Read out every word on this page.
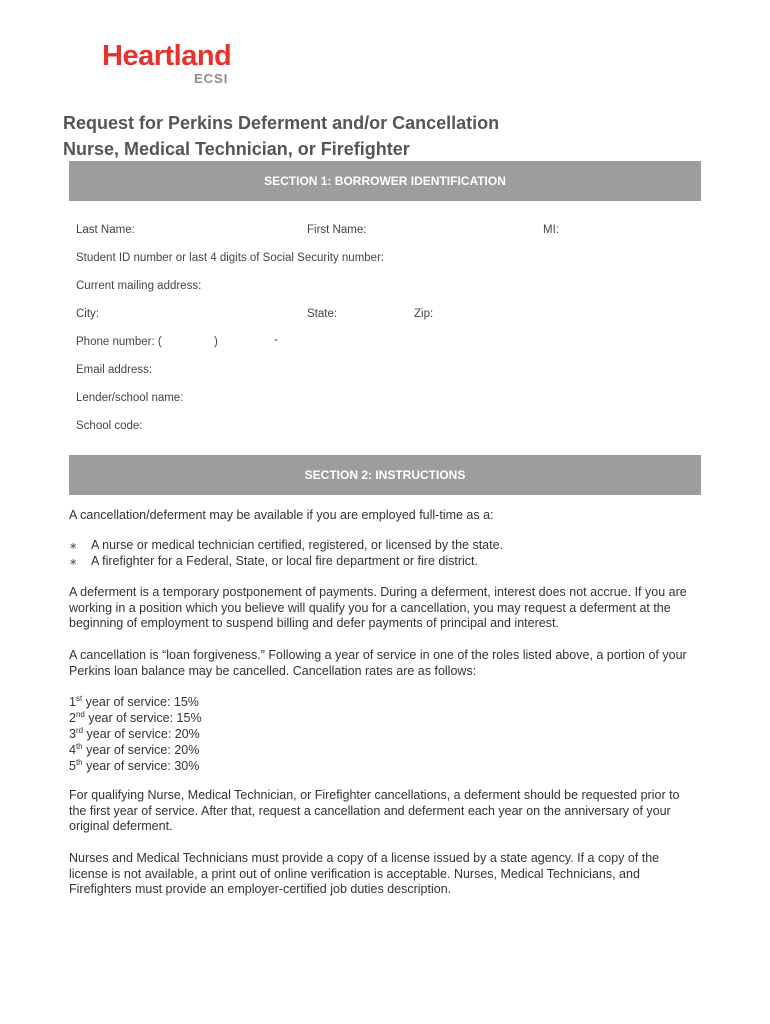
Heartland
ECSI
Request for Perkins Deferment and/or Cancellation
Nurse, Medical Technician, or Firefighter
SECTION 1: BORROWER IDENTIFICATION
Last Name:	First Name:	MI:
Student ID number or last 4 digits of Social Security number:
Current mailing address:
City:	State:	Zip:
Phone number: (	)	-
Email address:
Lender/school name:
School code:
SECTION 2: INSTRUCTIONS
A cancellation/deferment may be available if you are employed full-time as a:
∗ A nurse or medical technician certified, registered, or licensed by the state.
∗ A firefighter for a Federal, State, or local fire department or fire district.
A deferment is a temporary postponement of payments. During a deferment, interest does not accrue. If you are working in a position which you believe will qualify you for a cancellation, you may request a deferment at the beginning of employment to suspend billing and defer payments of principal and interest.
A cancellation is “loan forgiveness.” Following a year of service in one of the roles listed above, a portion of your Perkins loan balance may be cancelled. Cancellation rates are as follows:
1st year of service: 15%
2nd year of service: 15%
3rd year of service: 20%
4th year of service: 20%
5th year of service: 30%
For qualifying Nurse, Medical Technician, or Firefighter cancellations, a deferment should be requested prior to the first year of service. After that, request a cancellation and deferment each year on the anniversary of your original deferment.
Nurses and Medical Technicians must provide a copy of a license issued by a state agency. If a copy of the license is not available, a print out of online verification is acceptable. Nurses, Medical Technicians, and Firefighters must provide an employer-certified job duties description.
